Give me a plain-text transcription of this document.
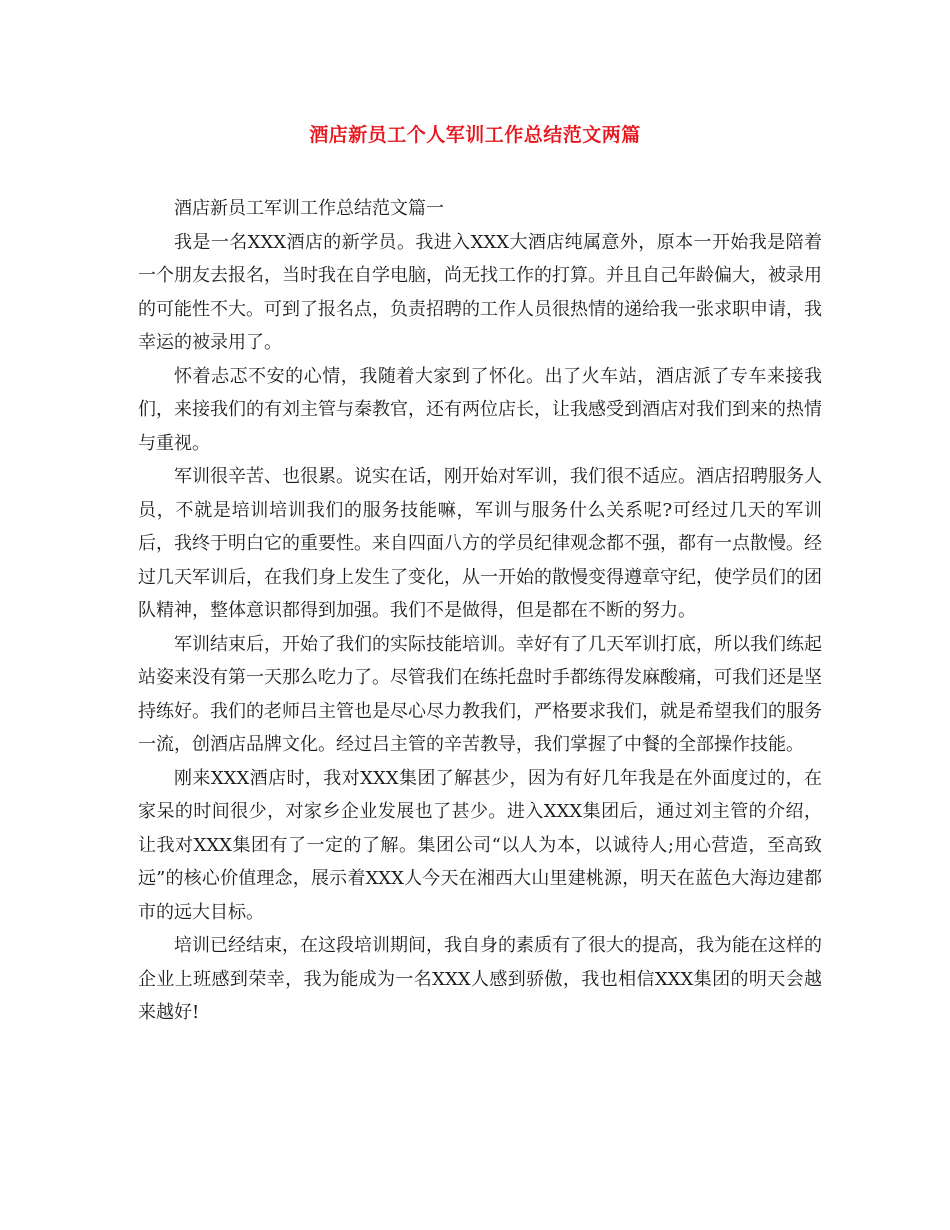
酒店新员工个人军训工作总结范文两篇

酒店新员工军训工作总结范文篇一

我是一名XXX酒店的新学员。我进入XXX大酒店纯属意外，原本一开始我是陪着一个朋友去报名，当时我在自学电脑，尚无找工作的打算。并且自己年龄偏大，被录用的可能性不大。可到了报名点，负责招聘的工作人员很热情的递给我一张求职申请，我幸运的被录用了。

怀着忐忑不安的心情，我随着大家到了怀化。出了火车站，酒店派了专车来接我们，来接我们的有刘主管与秦教官，还有两位店长，让我感受到酒店对我们到来的热情与重视。

军训很辛苦、也很累。说实在话，刚开始对军训，我们很不适应。酒店招聘服务人员，不就是培训培训我们的服务技能嘛，军训与服务什么关系呢?可经过几天的军训后，我终于明白它的重要性。来自四面八方的学员纪律观念都不强，都有一点散慢。经过几天军训后，在我们身上发生了变化，从一开始的散慢变得遵章守纪，使学员们的团队精神，整体意识都得到加强。我们不是做得，但是都在不断的努力。

军训结束后，开始了我们的实际技能培训。幸好有了几天军训打底，所以我们练起站姿来没有第一天那么吃力了。尽管我们在练托盘时手都练得发麻酸痛，可我们还是坚持练好。我们的老师吕主管也是尽心尽力教我们，严格要求我们，就是希望我们的服务一流，创酒店品牌文化。经过吕主管的辛苦教导，我们掌握了中餐的全部操作技能。

刚来XXX酒店时，我对XXX集团了解甚少，因为有好几年我是在外面度过的，在家呆的时间很少，对家乡企业发展也了甚少。进入XXX集团后，通过刘主管的介绍，让我对XXX集团有了一定的了解。集团公司“以人为本，以诚待人;用心营造，至高致远”的核心价值理念，展示着XXX人今天在湘西大山里建桃源，明天在蓝色大海边建都市的远大目标。

培训已经结束，在这段培训期间，我自身的素质有了很大的提高，我为能在这样的企业上班感到荣幸，我为能成为一名XXX人感到骄傲，我也相信XXX集团的明天会越来越好!
